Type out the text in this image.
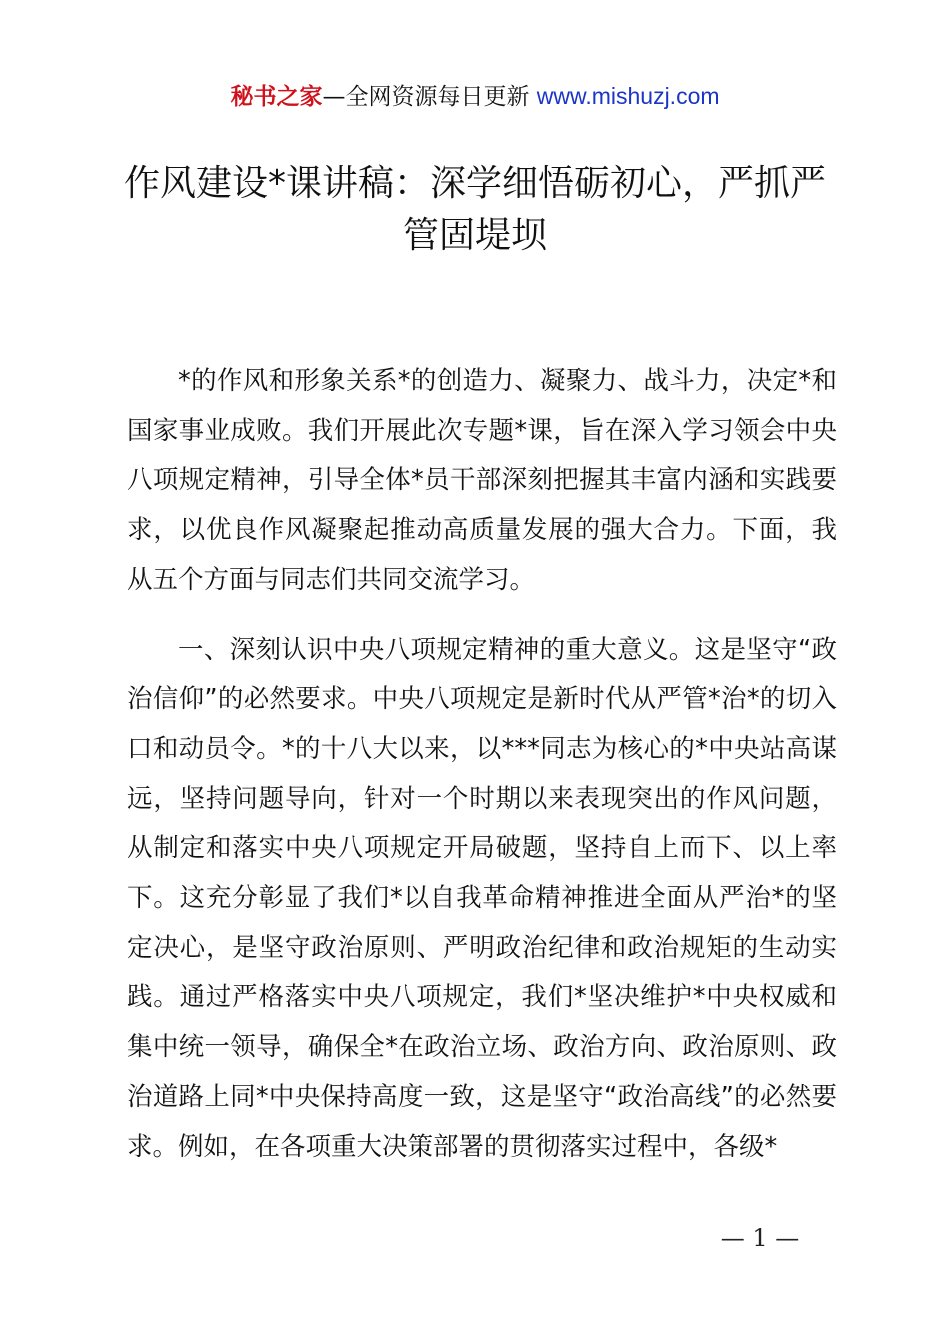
秘书之家—全网资源每日更新 www.mishuzj.com
作风建设*课讲稿：深学细悟砺初心，严抓严管固堤坝

*的作风和形象关系*的创造力、凝聚力、战斗力，决定*和国家事业成败。我们开展此次专题*课，旨在深入学习领会中央八项规定精神，引导全体*员干部深刻把握其丰富内涵和实践要求，以优良作风凝聚起推动高质量发展的强大合力。下面，我从五个方面与同志们共同交流学习。

一、深刻认识中央八项规定精神的重大意义。这是坚守“政治信仰”的必然要求。中央八项规定是新时代从严管*治*的切入口和动员令。*的十八大以来，以***同志为核心的*中央站高谋远，坚持问题导向，针对一个时期以来表现突出的作风问题，从制定和落实中央八项规定开局破题，坚持自上而下、以上率下。这充分彰显了我们*以自我革命精神推进全面从严治*的坚定决心，是坚守政治原则、严明政治纪律和政治规矩的生动实践。通过严格落实中央八项规定，我们*坚决维护*中央权威和集中统一领导，确保全*在政治立场、政治方向、政治原则、政治道路上同*中央保持高度一致，这是坚守“政治高线”的必然要求。例如，在各项重大决策部署的贯彻落实过程中，各级*

— 1 —
